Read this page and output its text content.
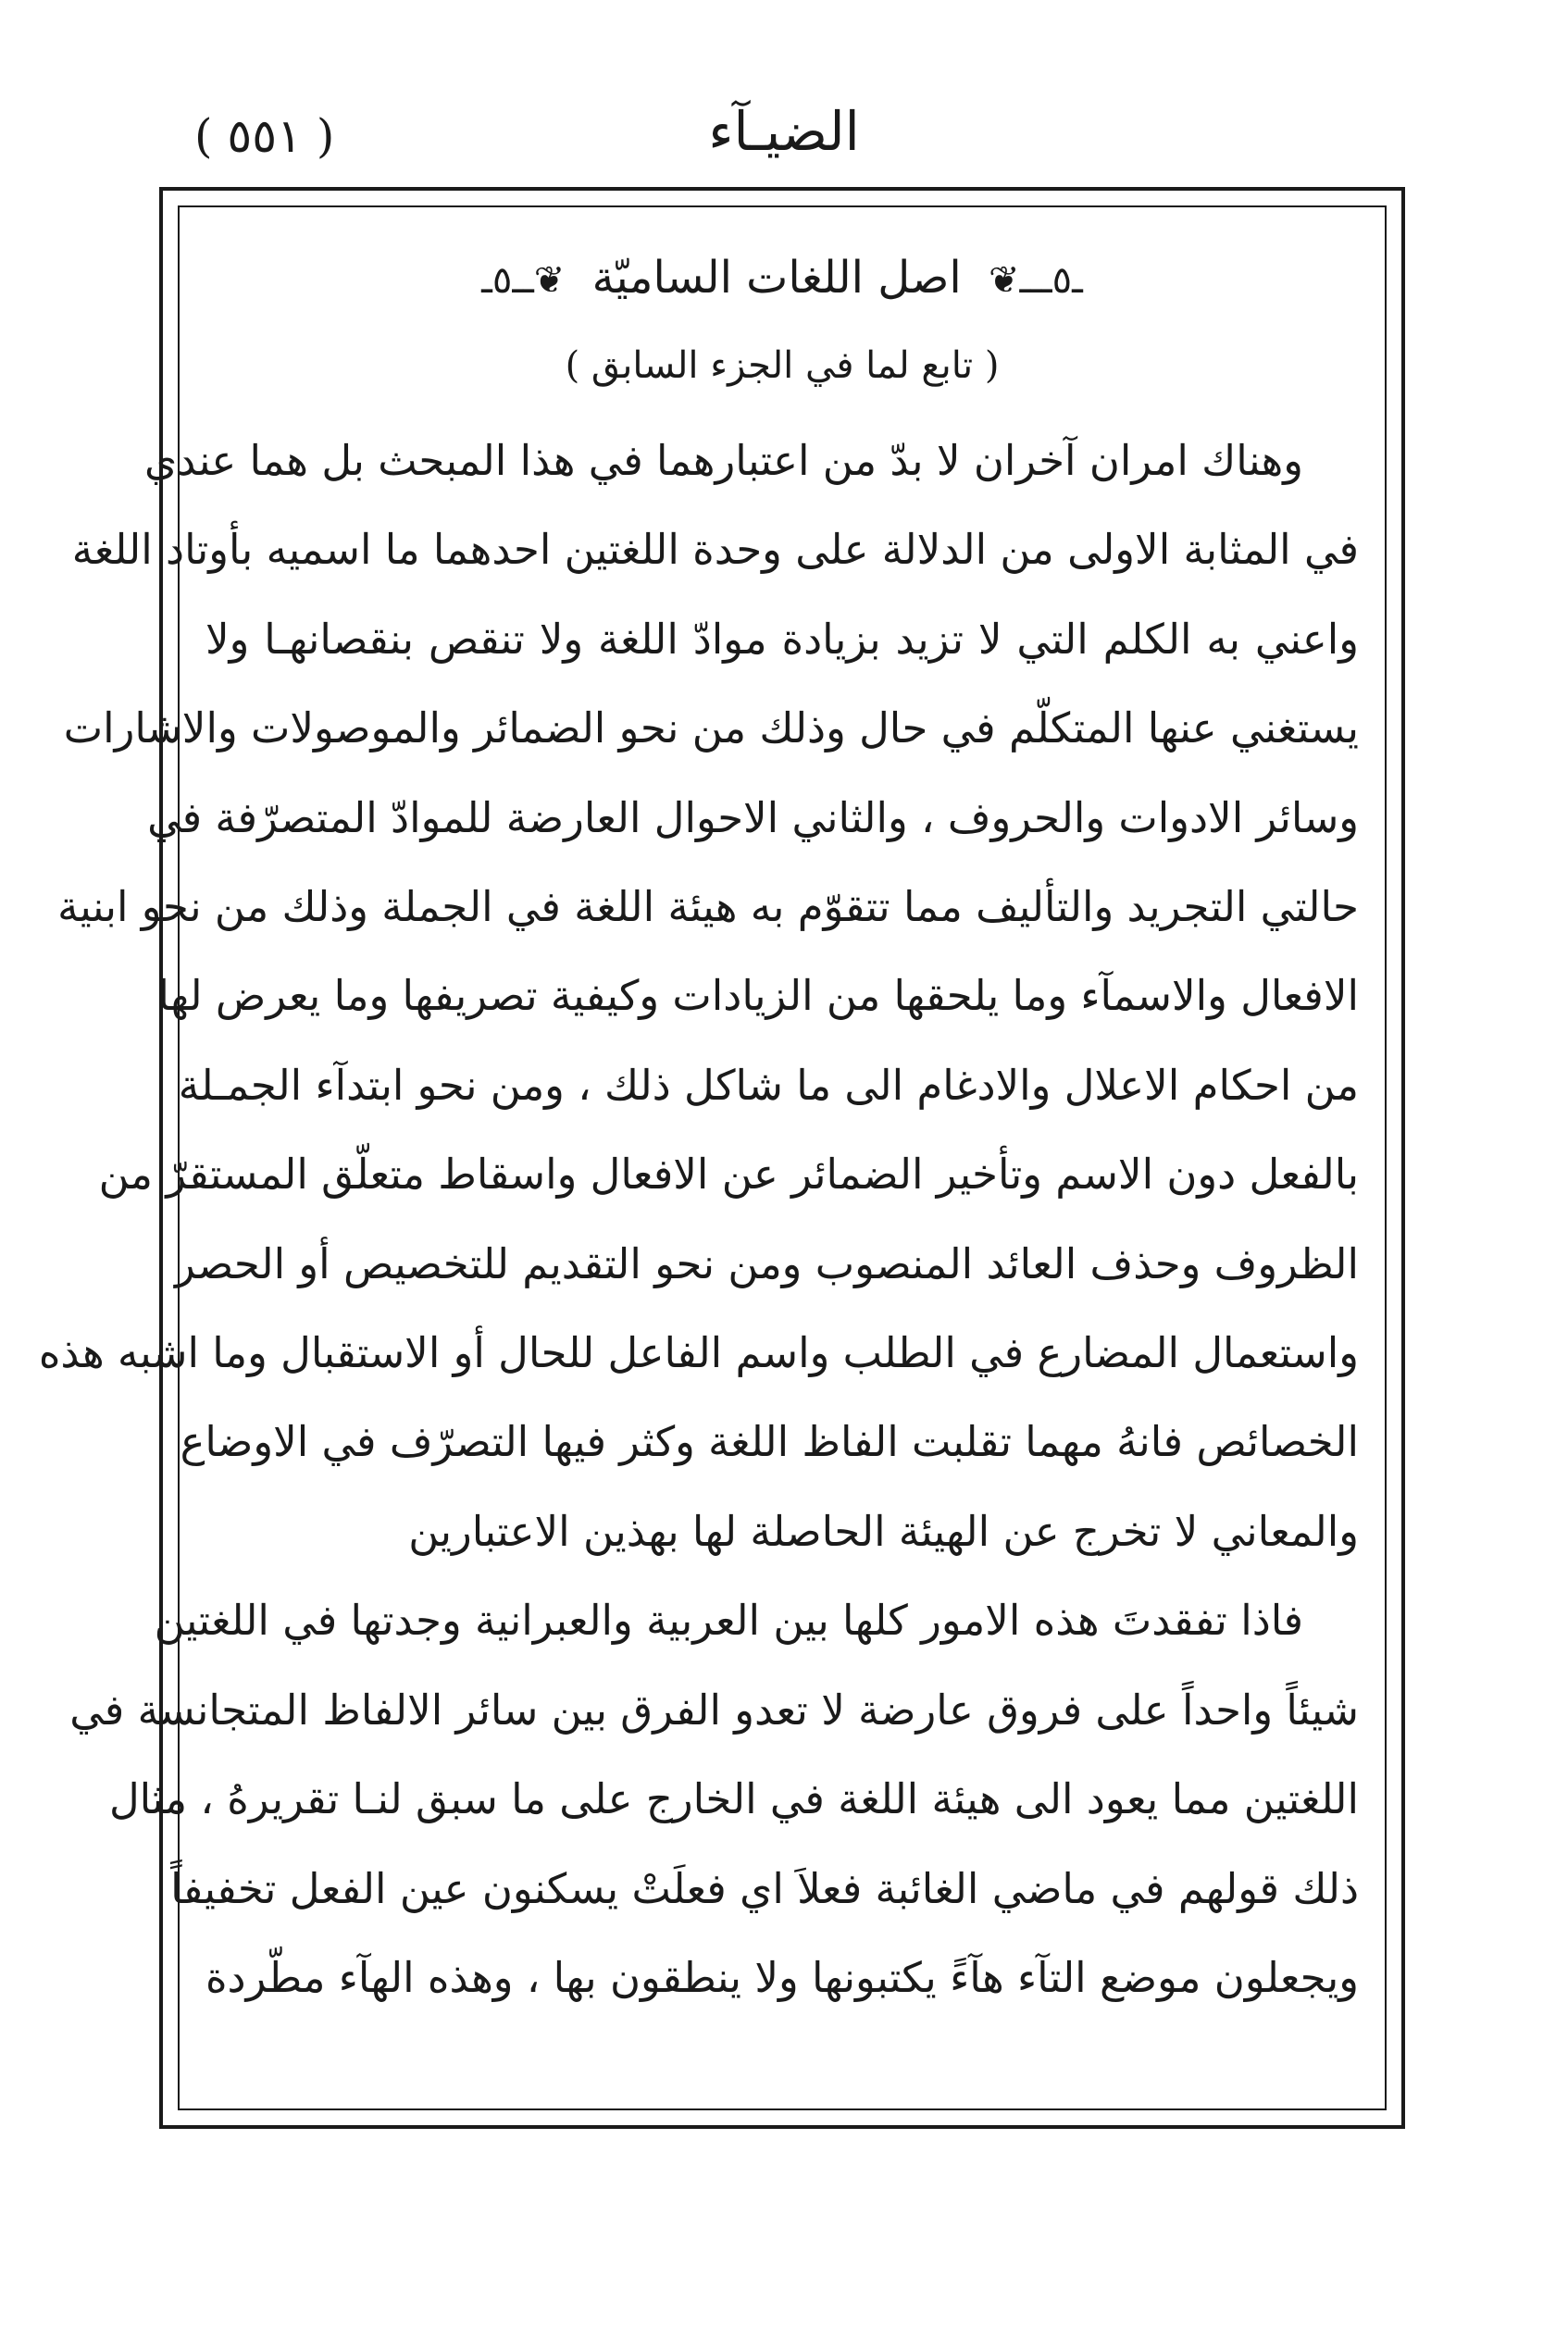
( ٥٥١ )	الضيـآء
ـ٥ـــ❦ اصل اللغات الساميّة ❦ــ٥ـ
( تابع لما في الجزء السابق )
وهناك امران آخران لا بدّ من اعتبارهما في هذا المبحث بل هما عندي
في المثابة الاولى من الدلالة على وحدة اللغتين احدهما ما اسميه بأوتاد اللغة
واعني به الكلم التي لا تزيد بزيادة موادّ اللغة ولا تنقص بنقصانهـا ولا
يستغني عنها المتكلّم في حال وذلك من نحو الضمائر والموصولات والاشارات
وسائر الادوات والحروف ، والثاني الاحوال العارضة للموادّ المتصرّفة في
حالتي التجريد والتأليف مما تتقوّم به هيئة اللغة في الجملة وذلك من نحو ابنية
الافعال والاسمآء وما يلحقها من الزيادات وكيفية تصريفها وما يعرض لها
من احكام الاعلال والادغام الى ما شاكل ذلك ، ومن نحو ابتدآء الجمـلة
بالفعل دون الاسم وتأخير الضمائر عن الافعال واسقاط متعلّق المستقرّ من
الظروف وحذف العائد المنصوب ومن نحو التقديم للتخصيص أو الحصر
واستعمال المضارع في الطلب واسم الفاعل للحال أو الاستقبال وما اشبه هذه
الخصائص فانهُ مهما تقلبت الفاظ اللغة وكثر فيها التصرّف في الاوضاع
والمعاني لا تخرج عن الهيئة الحاصلة لها بهذين الاعتبارين
فاذا تفقدتَ هذه الامور كلها بين العربية والعبرانية وجدتها في اللغتين
شيئاً واحداً على فروق عارضة لا تعدو الفرق بين سائر الالفاظ المتجانسة في
اللغتين مما يعود الى هيئة اللغة في الخارج على ما سبق لنـا تقريرهُ ، مثال
ذلك قولهم في ماضي الغائبة فعلاَ اي فعلَتْ يسكنون عين الفعل تخفيفاً
ويجعلون موضع التآء هآءً يكتبونها ولا ينطقون بها ، وهذه الهآء مطّردة
